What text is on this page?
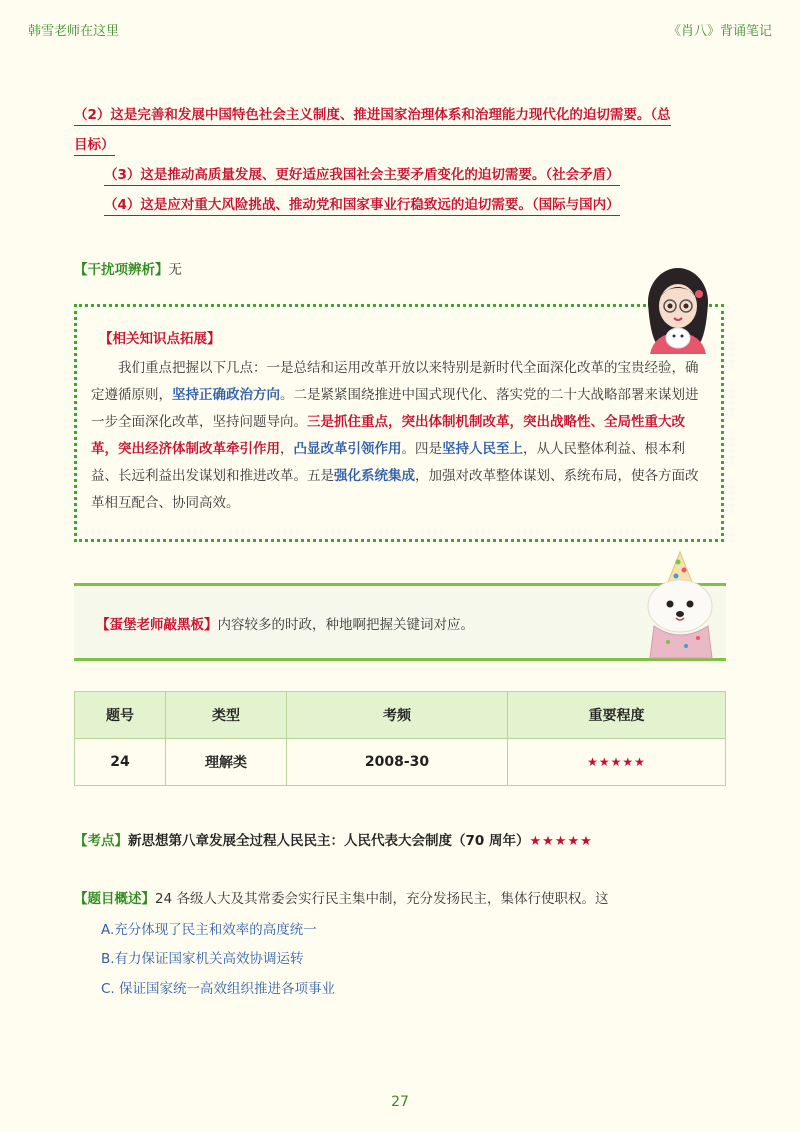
韩雪老师在这里	《肖八》背诵笔记
（2）这是完善和发展中国特色社会主义制度、推进国家治理体系和治理能力现代化的迫切需要。（总
目标）
（3）这是推动高质量发展、更好适应我国社会主要矛盾变化的迫切需要。（社会矛盾）
（4）这是应对重大风险挑战、推动党和国家事业行稳致远的迫切需要。（国际与国内）
【干扰项辨析】无
【相关知识点拓展】
我们重点把握以下几点：一是总结和运用改革开放以来特别是新时代全面深化改革的宝贵经验，确定遵循原则，坚持正确政治方向。二是紧紧围绕推进中国式现代化、落实党的二十大战略部署来谋划进一步全面深化改革，坚持问题导向。三是抓住重点，突出体制机制改革，突出战略性、全局性重大改革，突出经济体制改革牵引作用，凸显改革引领作用。四是坚持人民至上，从人民整体利益、根本利益、长远利益出发谋划和推进改革。五是强化系统集成，加强对改革整体谋划、系统布局，使各方面改革相互配合、协同高效。
【蛋堡老师敲黑板】内容较多的时政，种地啊把握关键词对应。
题号	类型	考频	重要程度
24	理解类	2008-30	★★★★★
【考点】新思想第八章发展全过程人民民主：人民代表大会制度（70 周年）★★★★★
【题目概述】24 各级人大及其常委会实行民主集中制，充分发扬民主，集体行使职权。这
A.充分体现了民主和效率的高度统一
B.有力保证国家机关高效协调运转
C. 保证国家统一高效组织推进各项事业
27
